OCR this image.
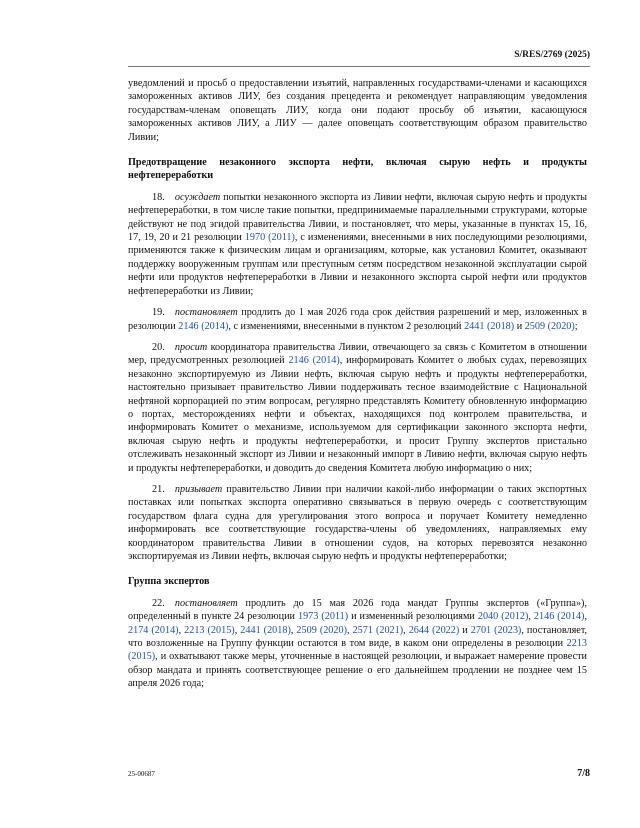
S/RES/2769 (2025)

уведомлений и просьб о предоставлении изъятий, направленных государствами-членами и касающихся замороженных активов ЛИУ, без создания прецедента и рекомендует направляющим уведомления государствам-членам оповещать ЛИУ, когда они подают просьбу об изъятии, касающуюся замороженных активов ЛИУ, а ЛИУ — далее оповещать соответствующим образом правительство Ливии;

Предотвращение незаконного экспорта нефти, включая сырую нефть и продукты нефтепереработки

18.  осуждает попытки незаконного экспорта из Ливии нефти, включая сырую нефть и продукты нефтепереработки, в том числе такие попытки, предпринимаемые параллельными структурами, которые действуют не под эгидой правительства Ливии, и постановляет, что меры, указанные в пунктах 15, 16, 17, 19, 20 и 21 резолюции 1970 (2011), с изменениями, внесенными в них последующими резолюциями, применяются также к физическим лицам и организациям, которые, как установил Комитет, оказывают поддержку вооруженным группам или преступным сетям посредством незаконной эксплуатации сырой нефти или продуктов нефтепереработки в Ливии и незаконного экспорта сырой нефти или продуктов нефтепереработки из Ливии;

19.  постановляет продлить до 1 мая 2026 года срок действия разрешений и мер, изложенных в резолюции 2146 (2014), с изменениями, внесенными в пунктом 2 резолюций 2441 (2018) и 2509 (2020);

20.  просит координатора правительства Ливии, отвечающего за связь с Комитетом в отношении мер, предусмотренных резолюцией 2146 (2014), информировать Комитет о любых судах, перевозящих незаконно экспортируемую из Ливии нефть, включая сырую нефть и продукты нефтепереработки, настоятельно призывает правительство Ливии поддерживать тесное взаимодействие с Национальной нефтяной корпорацией по этим вопросам, регулярно представлять Комитету обновленную информацию о портах, месторождениях нефти и объектах, находящихся под контролем правительства, и информировать Комитет о механизме, используемом для сертификации законного экспорта нефти, включая сырую нефть и продукты нефтепереработки, и просит Группу экспертов пристально отслеживать незаконный экспорт из Ливии и незаконный импорт в Ливию нефти, включая сырую нефть и продукты нефтепереработки, и доводить до сведения Комитета любую информацию о них;

21.  призывает правительство Ливии при наличии какой-либо информации о таких экспортных поставках или попытках экспорта оперативно связываться в первую очередь с соответствующим государством флага судна для урегулирования этого вопроса и поручает Комитету немедленно информировать все соответствующие государства-члены об уведомлениях, направляемых ему координатором правительства Ливии в отношении судов, на которых перевозятся незаконно экспортируемая из Ливии нефть, включая сырую нефть и продукты нефтепереработки;

Группа экспертов

22.  постановляет продлить до 15 мая 2026 года мандат Группы экспертов («Группа»), определенный в пункте 24 резолюции 1973 (2011) и измененный резолюциями 2040 (2012), 2146 (2014), 2174 (2014), 2213 (2015), 2441 (2018), 2509 (2020), 2571 (2021), 2644 (2022) и 2701 (2023), постановляет, что возложенные на Группу функции остаются в том виде, в каком они определены в резолюции 2213 (2015), и охватывают также меры, уточненные в настоящей резолюции, и выражает намерение провести обзор мандата и принять соответствующее решение о его дальнейшем продлении не позднее чем 15 апреля 2026 года;

25-00687	7/8
